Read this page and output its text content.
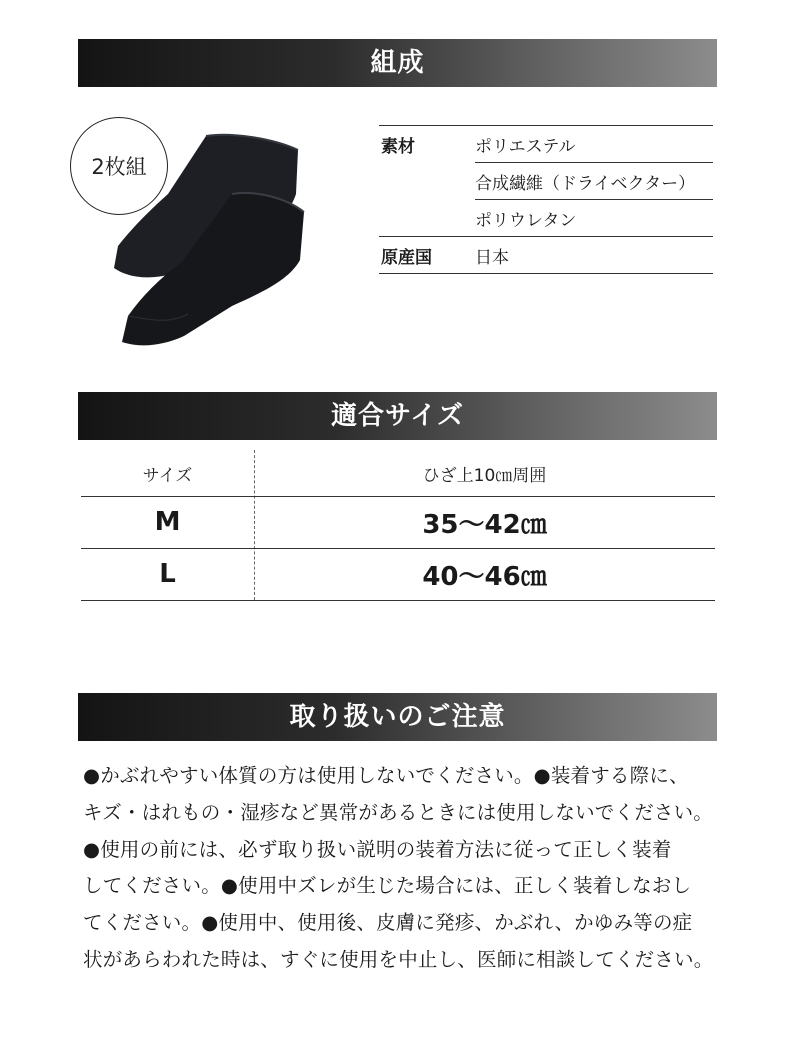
組成
2枚組
素材	ポリエステル
	合成繊維（ドライベクター）
	ポリウレタン
原産国	日本
適合サイズ
サイズ	ひざ上10㎝周囲
M	35～42㎝
L	40～46㎝
取り扱いのご注意
●かぶれやすい体質の方は使用しないでください。●装着する際に、
キズ・はれもの・湿疹など異常があるときには使用しないでください。
●使用の前には、必ず取り扱い説明の装着方法に従って正しく装着
してください。●使用中ズレが生じた場合には、正しく装着しなおし
てください。●使用中、使用後、皮膚に発疹、かぶれ、かゆみ等の症
状があらわれた時は、すぐに使用を中止し、医師に相談してください。
